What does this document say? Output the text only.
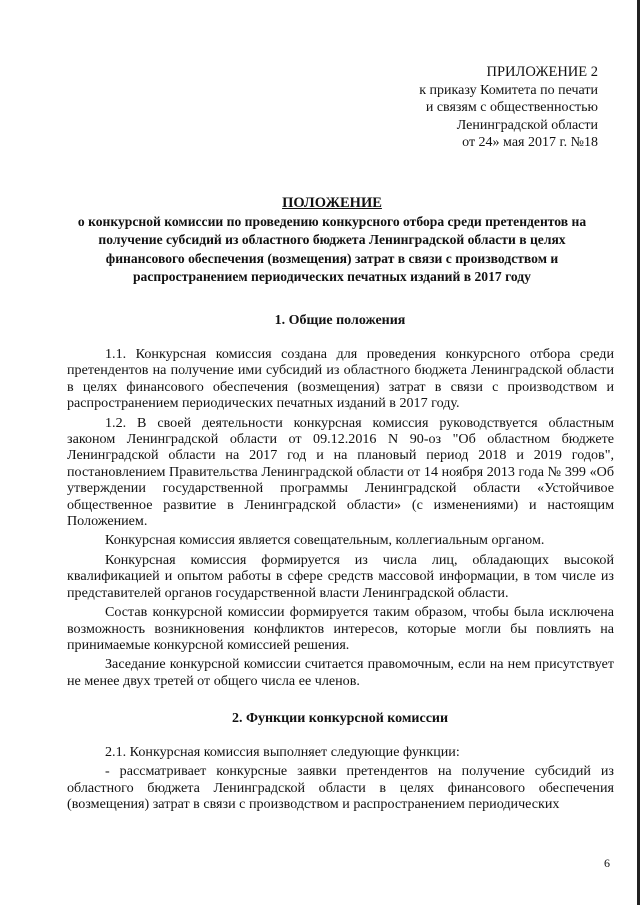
ПРИЛОЖЕНИЕ 2
к приказу Комитета по печати
и связям с общественностью
Ленинградской области
от 24» мая 2017 г. №18
ПОЛОЖЕНИЕ
о конкурсной комиссии по проведению конкурсного отбора среди претендентов на
получение субсидий из областного бюджета Ленинградской области в целях
финансового обеспечения (возмещения) затрат в связи с производством и
распространением периодических печатных изданий в 2017 году
1. Общие положения

1.1. Конкурсная комиссия создана для проведения конкурсного отбора среди претендентов на получение ими субсидий из областного бюджета Ленинградской области в целях финансового обеспечения (возмещения) затрат в связи с производством и распространением периодических печатных изданий в 2017 году.

1.2. В своей деятельности конкурсная комиссия руководствуется областным законом Ленинградской области от 09.12.2016 N 90-оз "Об областном бюджете Ленинградской области на 2017 год и на плановый период 2018 и 2019 годов", постановлением Правительства Ленинградской области от 14 ноября 2013 года № 399 «Об утверждении государственной программы Ленинградской области «Устойчивое общественное развитие в Ленинградской области» (с изменениями) и настоящим Положением.

Конкурсная комиссия является совещательным, коллегиальным органом.

Конкурсная комиссия формируется из числа лиц, обладающих высокой квалификацией и опытом работы в сфере средств массовой информации, в том числе из представителей органов государственной власти Ленинградской области.

Состав конкурсной комиссии формируется таким образом, чтобы была исключена возможность возникновения конфликтов интересов, которые могли бы повлиять на принимаемые конкурсной комиссией решения.

Заседание конкурсной комиссии считается правомочным, если на нем присутствует не менее двух третей от общего числа ее членов.

2. Функции конкурсной комиссии

2.1. Конкурсная комиссия выполняет следующие функции:

- рассматривает конкурсные заявки претендентов на получение субсидий из областного бюджета Ленинградской области в целях финансового обеспечения (возмещения) затрат в связи с производством и распространением периодических

6
